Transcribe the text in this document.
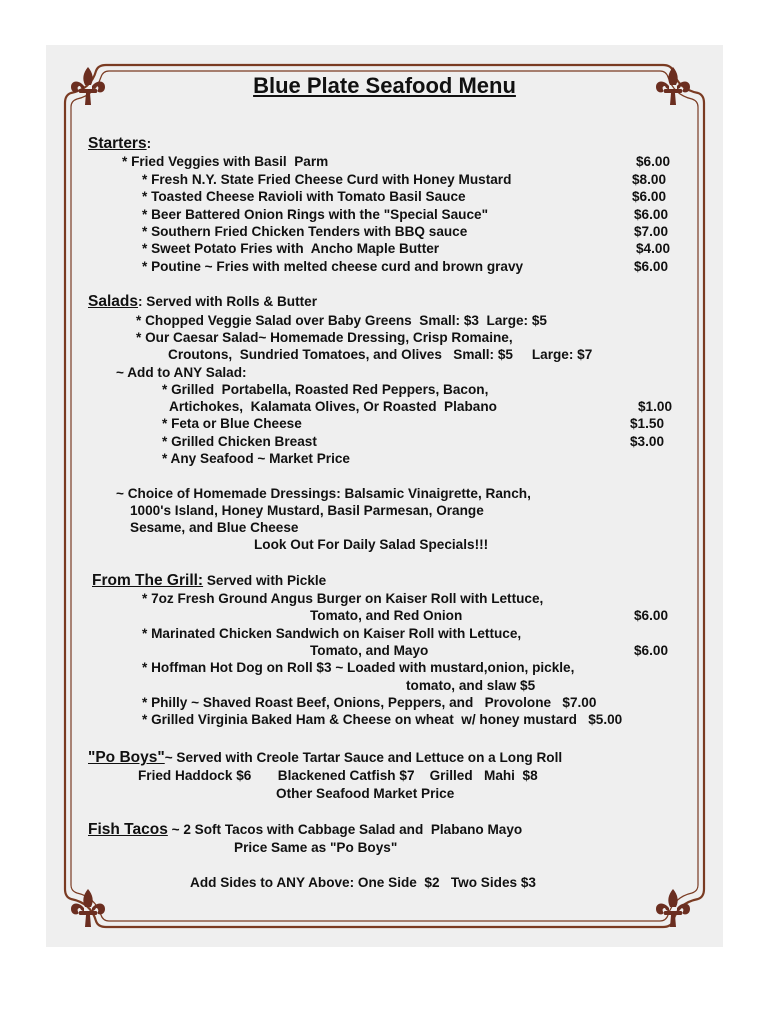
Blue Plate Seafood Menu
Starters:
* Fried Veggies with Basil  Parm	$6.00
* Fresh N.Y. State Fried Cheese Curd with Honey Mustard	$8.00
* Toasted Cheese Ravioli with Tomato Basil Sauce	$6.00
* Beer Battered Onion Rings with the "Special Sauce"	$6.00
* Southern Fried Chicken Tenders with BBQ sauce	$7.00
* Sweet Potato Fries with  Ancho Maple Butter	$4.00
* Poutine ~ Fries with melted cheese curd and brown gravy	$6.00
Salads: Served with Rolls & Butter
* Chopped Veggie Salad over Baby Greens  Small: $3  Large: $5
* Our Caesar Salad~ Homemade Dressing, Crisp Romaine,
Croutons,  Sundried Tomatoes, and Olives   Small: $5     Large: $7
~ Add to ANY Salad:
* Grilled  Portabella, Roasted Red Peppers, Bacon,
Artichokes,  Kalamata Olives, Or Roasted  Plabano	$1.00
* Feta or Blue Cheese	$1.50
* Grilled Chicken Breast	$3.00
* Any Seafood ~ Market Price
~ Choice of Homemade Dressings: Balsamic Vinaigrette, Ranch,
1000's Island, Honey Mustard, Basil Parmesan, Orange
Sesame, and Blue Cheese
Look Out For Daily Salad Specials!!!
From The Grill: Served with Pickle
* 7oz Fresh Ground Angus Burger on Kaiser Roll with Lettuce,
Tomato, and Red Onion	$6.00
* Marinated Chicken Sandwich on Kaiser Roll with Lettuce,
Tomato, and Mayo	$6.00
* Hoffman Hot Dog on Roll $3 ~ Loaded with mustard,onion, pickle,
tomato, and slaw $5
* Philly ~ Shaved Roast Beef, Onions, Peppers, and   Provolone   $7.00
* Grilled Virginia Baked Ham & Cheese on wheat  w/ honey mustard   $5.00
"Po Boys"~ Served with Creole Tartar Sauce and Lettuce on a Long Roll
Fried Haddock $6       Blackened Catfish $7    Grilled   Mahi  $8
Other Seafood Market Price
Fish Tacos ~ 2 Soft Tacos with Cabbage Salad and  Plabano Mayo
Price Same as "Po Boys"
Add Sides to ANY Above: One Side  $2   Two Sides $3
